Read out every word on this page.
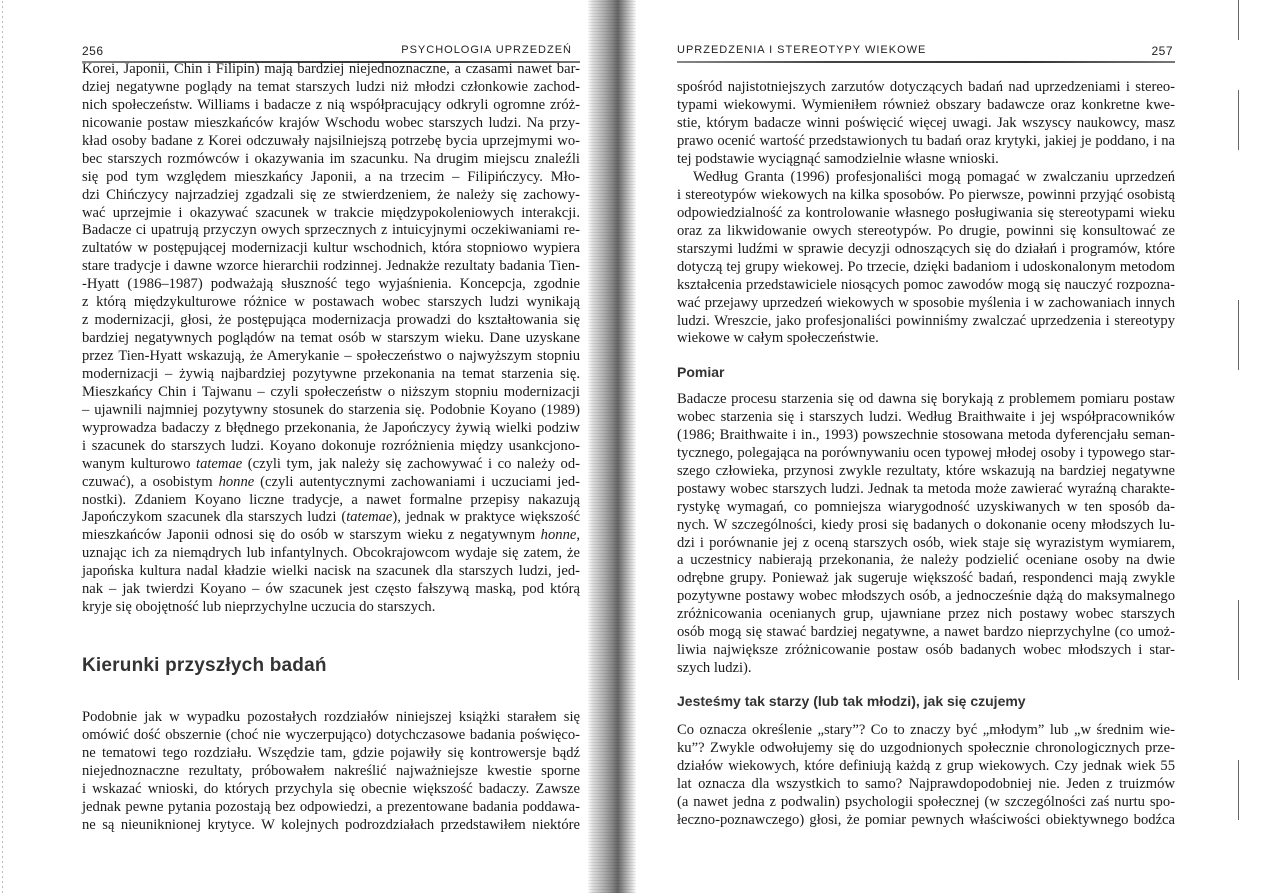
256	PSYCHOLOGIA UPRZEDZEŃ
Korei, Japonii, Chin i Filipin) mają bardziej niejednoznaczne, a czasami nawet bar-
dziej negatywne poglądy na temat starszych ludzi niż młodzi członkowie zachod-
nich społeczeństw. Williams i badacze z nią współpracujący odkryli ogromne zróż-
nicowanie postaw mieszkańców krajów Wschodu wobec starszych ludzi. Na przy-
kład osoby badane z Korei odczuwały najsilniejszą potrzebę bycia uprzejmymi wo-
bec starszych rozmówców i okazywania im szacunku. Na drugim miejscu znaleźli
się pod tym względem mieszkańcy Japonii, a na trzecim – Filipińczycy. Mło-
dzi Chińczycy najrzadziej zgadzali się ze stwierdzeniem, że należy się zachowy-
wać uprzejmie i okazywać szacunek w trakcie międzypokoleniowych interakcji.
Badacze ci upatrują przyczyn owych sprzecznych z intuicyjnymi oczekiwaniami re-
zultatów w postępującej modernizacji kultur wschodnich, która stopniowo wypiera
stare tradycje i dawne wzorce hierarchii rodzinnej. Jednakże rezultaty badania Tien-
-Hyatt (1986–1987) podważają słuszność tego wyjaśnienia. Koncepcja, zgodnie
z którą międzykulturowe różnice w postawach wobec starszych ludzi wynikają
z modernizacji, głosi, że postępująca modernizacja prowadzi do kształtowania się
bardziej negatywnych poglądów na temat osób w starszym wieku. Dane uzyskane
przez Tien-Hyatt wskazują, że Amerykanie – społeczeństwo o najwyższym stopniu
modernizacji – żywią najbardziej pozytywne przekonania na temat starzenia się.
Mieszkańcy Chin i Tajwanu – czyli społeczeństw o niższym stopniu modernizacji
– ujawnili najmniej pozytywny stosunek do starzenia się. Podobnie Koyano (1989)
wyprowadza badaczy z błędnego przekonania, że Japończycy żywią wielki podziw
i szacunek do starszych ludzi. Koyano dokonuje rozróżnienia między usankcjono-
wanym kulturowo tatemae (czyli tym, jak należy się zachowywać i co należy od-
czuwać), a osobistym honne (czyli autentycznymi zachowaniami i uczuciami jed-
nostki). Zdaniem Koyano liczne tradycje, a nawet formalne przepisy nakazują
Japończykom szacunek dla starszych ludzi (tatemae), jednak w praktyce większość
mieszkańców Japonii odnosi się do osób w starszym wieku z negatywnym honne,
uznając ich za niemądrych lub infantylnych. Obcokrajowcom wydaje się zatem, że
japońska kultura nadal kładzie wielki nacisk na szacunek dla starszych ludzi, jed-
nak – jak twierdzi Koyano – ów szacunek jest często fałszywą maską, pod którą
kryje się obojętność lub nieprzychylne uczucia do starszych.
Kierunki przyszłych badań
Podobnie jak w wypadku pozostałych rozdziałów niniejszej książki starałem się
omówić dość obszernie (choć nie wyczerpująco) dotychczasowe badania poświęco-
ne tematowi tego rozdziału. Wszędzie tam, gdzie pojawiły się kontrowersje bądź
niejednoznaczne rezultaty, próbowałem nakreślić najważniejsze kwestie sporne
i wskazać wnioski, do których przychyla się obecnie większość badaczy. Zawsze
jednak pewne pytania pozostają bez odpowiedzi, a prezentowane badania poddawa-
ne są nieuniknionej krytyce. W kolejnych podrozdziałach przedstawiłem niektóre
UPRZEDZENIA I STEREOTYPY WIEKOWE	257
spośród najistotniejszych zarzutów dotyczących badań nad uprzedzeniami i stereo-
typami wiekowymi. Wymieniłem również obszary badawcze oraz konkretne kwe-
stie, którym badacze winni poświęcić więcej uwagi. Jak wszyscy naukowcy, masz
prawo ocenić wartość przedstawionych tu badań oraz krytyki, jakiej je poddano, i na
tej podstawie wyciągnąć samodzielnie własne wnioski.
Według Granta (1996) profesjonaliści mogą pomagać w zwalczaniu uprzedzeń
i stereotypów wiekowych na kilka sposobów. Po pierwsze, powinni przyjąć osobistą
odpowiedzialność za kontrolowanie własnego posługiwania się stereotypami wieku
oraz za likwidowanie owych stereotypów. Po drugie, powinni się konsultować ze
starszymi ludźmi w sprawie decyzji odnoszących się do działań i programów, które
dotyczą tej grupy wiekowej. Po trzecie, dzięki badaniom i udoskonalonym metodom
kształcenia przedstawiciele niosących pomoc zawodów mogą się nauczyć rozpozna-
wać przejawy uprzedzeń wiekowych w sposobie myślenia i w zachowaniach innych
ludzi. Wreszcie, jako profesjonaliści powinniśmy zwalczać uprzedzenia i stereotypy
wiekowe w całym społeczeństwie.
Pomiar
Badacze procesu starzenia się od dawna się borykają z problemem pomiaru postaw
wobec starzenia się i starszych ludzi. Według Braithwaite i jej współpracowników
(1986; Braithwaite i in., 1993) powszechnie stosowana metoda dyferencjału seman-
tycznego, polegająca na porównywaniu ocen typowej młodej osoby i typowego star-
szego człowieka, przynosi zwykle rezultaty, które wskazują na bardziej negatywne
postawy wobec starszych ludzi. Jednak ta metoda może zawierać wyraźną charakte-
rystykę wymagań, co pomniejsza wiarygodność uzyskiwanych w ten sposób da-
nych. W szczególności, kiedy prosi się badanych o dokonanie oceny młodszych lu-
dzi i porównanie jej z oceną starszych osób, wiek staje się wyrazistym wymiarem,
a uczestnicy nabierają przekonania, że należy podzielić oceniane osoby na dwie
odrębne grupy. Ponieważ jak sugeruje większość badań, respondenci mają zwykle
pozytywne postawy wobec młodszych osób, a jednocześnie dążą do maksymalnego
zróżnicowania ocenianych grup, ujawniane przez nich postawy wobec starszych
osób mogą się stawać bardziej negatywne, a nawet bardzo nieprzychylne (co umoż-
liwia największe zróżnicowanie postaw osób badanych wobec młodszych i star-
szych ludzi).
Jesteśmy tak starzy (lub tak młodzi), jak się czujemy
Co oznacza określenie „stary”? Co to znaczy być „młodym” lub „w średnim wie-
ku”? Zwykle odwołujemy się do uzgodnionych społecznie chronologicznych prze-
działów wiekowych, które definiują każdą z grup wiekowych. Czy jednak wiek 55
lat oznacza dla wszystkich to samo? Najprawdopodobniej nie. Jeden z truizmów
(a nawet jedna z podwalin) psychologii społecznej (w szczególności zaś nurtu spo-
łeczno-poznawczego) głosi, że pomiar pewnych właściwości obiektywnego bodźca
